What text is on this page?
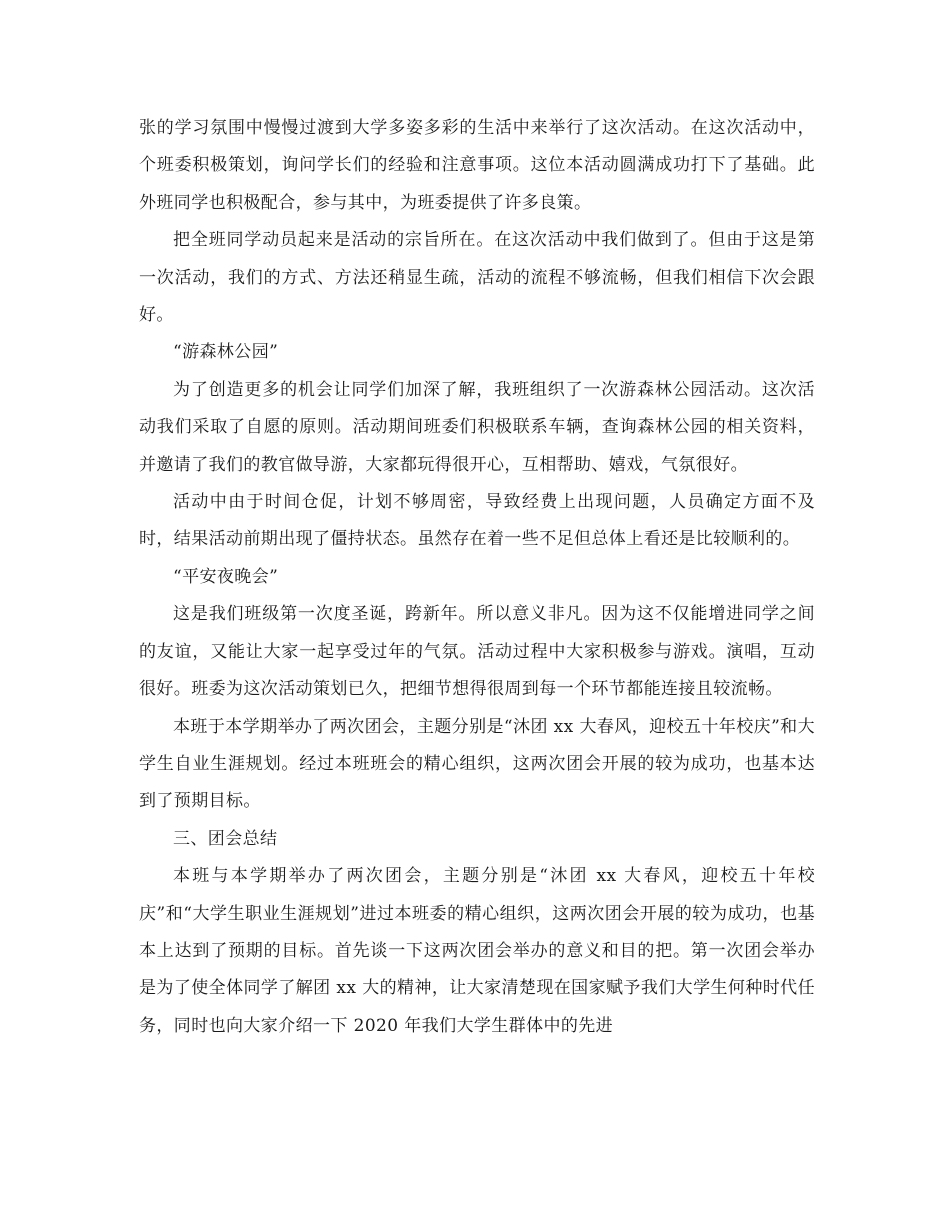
张的学习氛围中慢慢过渡到大学多姿多彩的生活中来举行了这次活动。在这次活动中，个班委积极策划，询问学长们的经验和注意事项。这位本活动圆满成功打下了基础。此外班同学也积极配合，参与其中，为班委提供了许多良策。

把全班同学动员起来是活动的宗旨所在。在这次活动中我们做到了。但由于这是第一次活动，我们的方式、方法还稍显生疏，活动的流程不够流畅，但我们相信下次会跟好。

“游森林公园”

为了创造更多的机会让同学们加深了解，我班组织了一次游森林公园活动。这次活动我们采取了自愿的原则。活动期间班委们积极联系车辆，查询森林公园的相关资料，并邀请了我们的教官做导游，大家都玩得很开心，互相帮助、嬉戏，气氛很好。

活动中由于时间仓促，计划不够周密，导致经费上出现问题，人员确定方面不及时，结果活动前期出现了僵持状态。虽然存在着一些不足但总体上看还是比较顺利的。

“平安夜晚会”

这是我们班级第一次度圣诞，跨新年。所以意义非凡。因为这不仅能增进同学之间的友谊，又能让大家一起享受过年的气氛。活动过程中大家积极参与游戏。演唱，互动很好。班委为这次活动策划已久，把细节想得很周到每一个环节都能连接且较流畅。

本班于本学期举办了两次团会，主题分别是“沐团 xx 大春风，迎校五十年校庆”和大学生自业生涯规划。经过本班班会的精心组织，这两次团会开展的较为成功，也基本达到了预期目标。

三、团会总结

本班与本学期举办了两次团会，主题分别是“沐团 xx 大春风，迎校五十年校庆”和“大学生职业生涯规划”进过本班委的精心组织，这两次团会开展的较为成功，也基本上达到了预期的目标。首先谈一下这两次团会举办的意义和目的把。第一次团会举办是为了使全体同学了解团 xx 大的精神，让大家清楚现在国家赋予我们大学生何种时代任务，同时也向大家介绍一下 2020 年我们大学生群体中的先进
